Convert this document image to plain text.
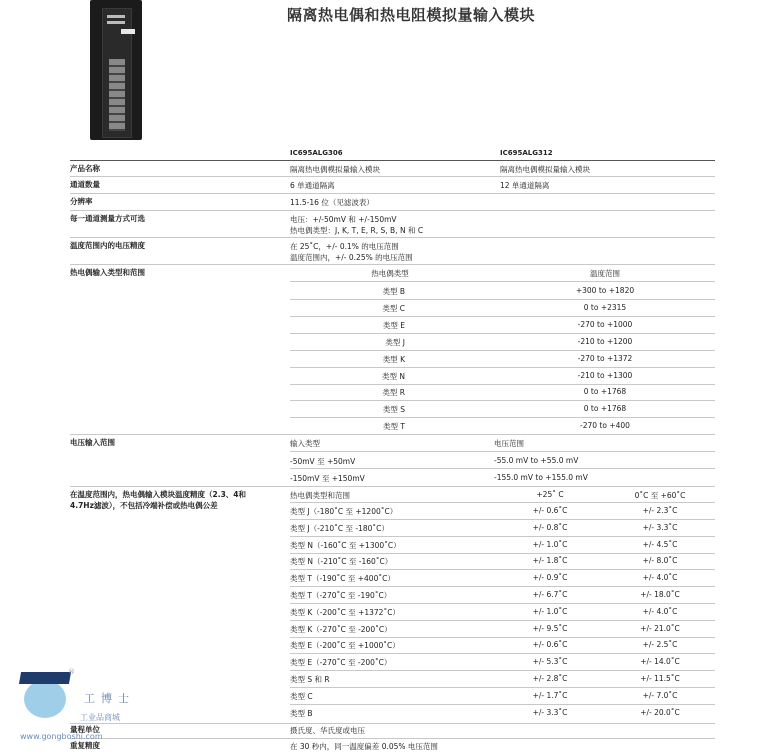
隔离热电偶和热电阻模拟量输入模块
IC695ALG306	IC695ALG312
产品名称	隔离热电偶模拟量输入模块	隔离热电偶模拟量输入模块
通道数量	6 单通道隔离	12 单通道隔离
分辨率	11.5-16 位（见滤波表）
每一通道测量方式可选	电压：+/-50mV 和 +/-150mV
热电偶类型：J, K, T, E, R, S, B, N 和 C
温度范围内的电压精度	在 25˚C，+/- 0.1% 的电压范围
温度范围内，+/- 0.25% 的电压范围
热电偶输入类型和范围	热电偶类型	温度范围
类型 B	+300 to +1820
类型 C	0 to +2315
类型 E	-270 to +1000
类型 J	-210 to +1200
类型 K	-270 to +1372
类型 N	-210 to +1300
类型 R	0 to +1768
类型 S	0 to +1768
类型 T	-270 to +400
电压输入范围	输入类型	电压范围
-50mV 至 +50mV	-55.0 mV to +55.0 mV
-150mV 至 +150mV	-155.0 mV to +155.0 mV
在温度范围内，热电偶输入模块温度精度（2.3、4和
4.7Hz滤波），不包括冷端补偿或热电偶公差
热电偶类型和范围	+25˚ C	0˚C 至 +60˚C
类型 J（-180˚C 至 +1200˚C）	+/- 0.6˚C	+/- 2.3˚C
类型 J（-210˚C 至 -180˚C）	+/- 0.8˚C	+/- 3.3˚C
类型 N（-160˚C 至 +1300˚C）	+/- 1.0˚C	+/- 4.5˚C
类型 N（-210˚C 至 -160˚C）	+/- 1.8˚C	+/- 8.0˚C
类型 T（-190˚C 至 +400˚C）	+/- 0.9˚C	+/- 4.0˚C
类型 T（-270˚C 至 -190˚C）	+/- 6.7˚C	+/- 18.0˚C
类型 K（-200˚C 至 +1372˚C）	+/- 1.0˚C	+/- 4.0˚C
类型 K（-270˚C 至 -200˚C）	+/- 9.5˚C	+/- 21.0˚C
类型 E（-200˚C 至 +1000˚C）	+/- 0.6˚C	+/- 2.5˚C
类型 E（-270˚C 至 -200˚C）	+/- 5.3˚C	+/- 14.0˚C
类型 S 和 R	+/- 2.8˚C	+/- 11.5˚C
类型 C	+/- 1.7˚C	+/- 7.0˚C
类型 B	+/- 3.3˚C	+/- 20.0˚C
量程单位	摄氏度、华氏度或电压
重复精度	在 30 秒内，同一温度偏差 0.05% 电压范围
®
工博士
工业品商城
www.gongboshi.com
